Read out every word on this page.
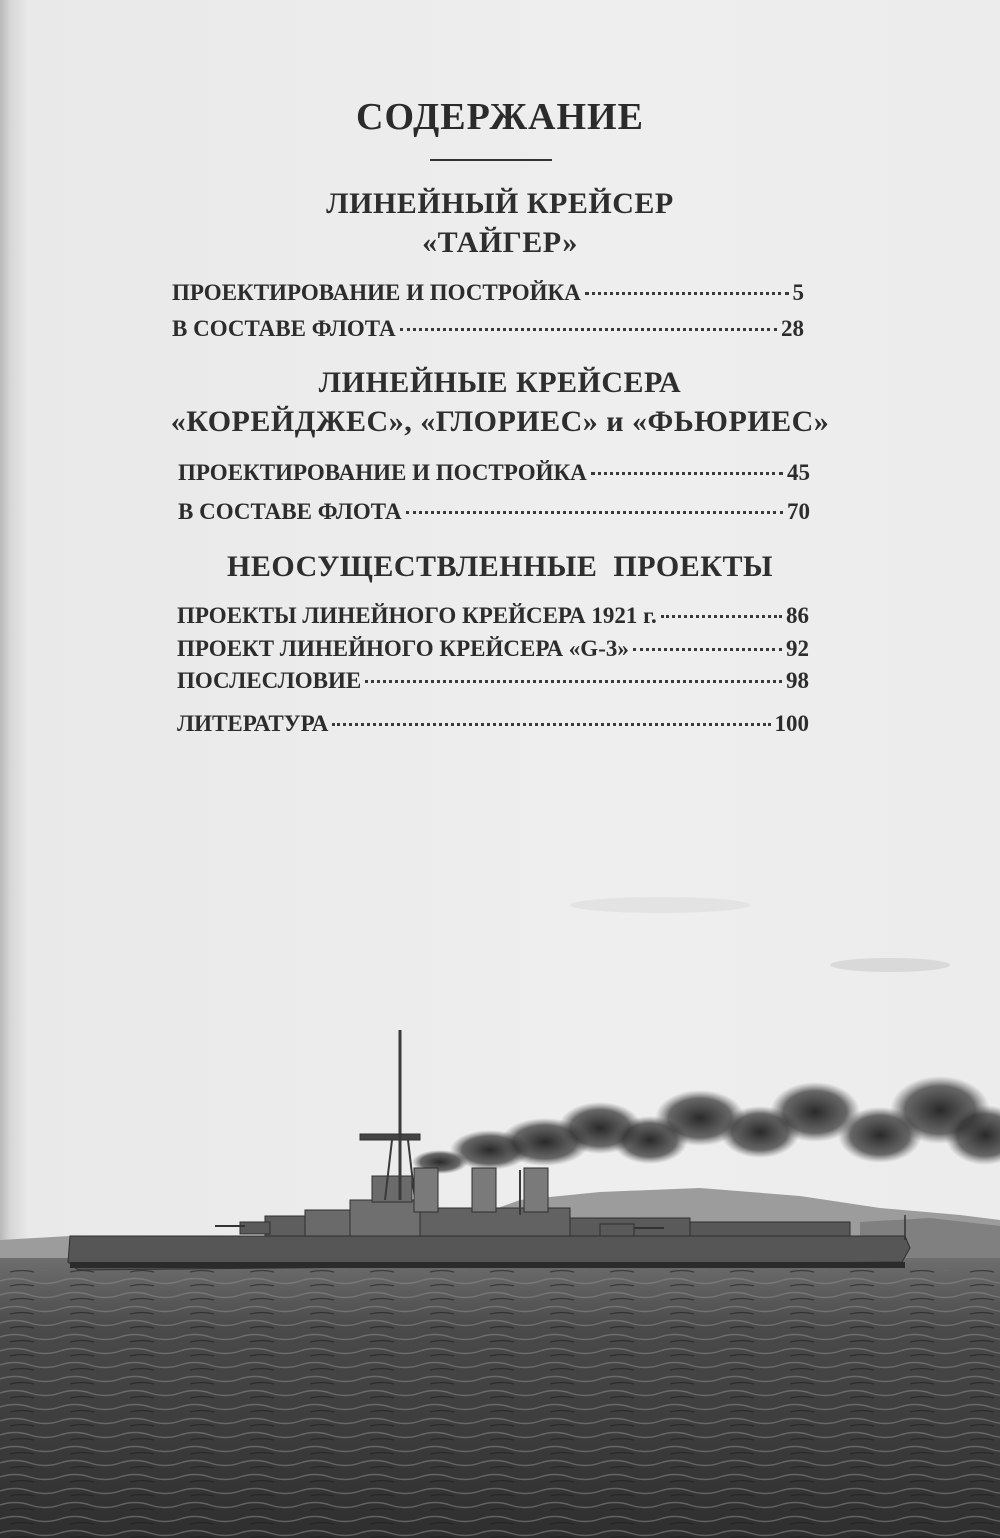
СОДЕРЖАНИЕ
ЛИНЕЙНЫЙ КРЕЙСЕР
«ТАЙГЕР»
ПРОЕКТИРОВАНИЕ И ПОСТРОЙКА	5
В СОСТАВЕ ФЛОТА	28
ЛИНЕЙНЫЕ КРЕЙСЕРА
«КОРЕЙДЖЕС», «ГЛОРИЕС» и «ФЬЮРИЕС»
ПРОЕКТИРОВАНИЕ И ПОСТРОЙКА	45
В СОСТАВЕ ФЛОТА	70
НЕОСУЩЕСТВЛЕННЫЕ  ПРОЕКТЫ
ПРОЕКТЫ ЛИНЕЙНОГО КРЕЙСЕРА 1921 г.	86
ПРОЕКТ ЛИНЕЙНОГО КРЕЙСЕРА «G-3»	92
ПОСЛЕСЛОВИЕ	98
ЛИТЕРАТУРА	100
